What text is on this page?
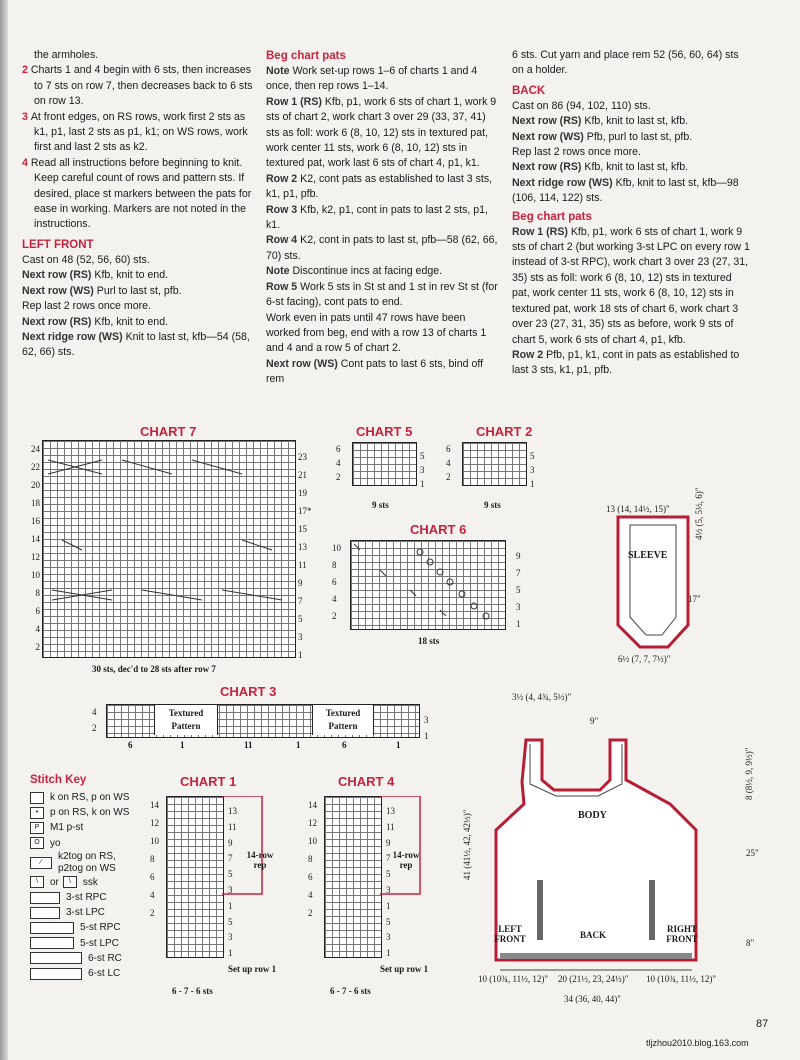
the armholes.

2 Charts 1 and 4 begin with 6 sts, then increases to 7 sts on row 7, then decreases back to 6 sts on row 13.

3 At front edges, on RS rows, work first 2 sts as k1, p1, last 2 sts as p1, k1; on WS rows, work first and last 2 sts as k2.

4 Read all instructions before beginning to knit. Keep careful count of rows and pattern sts. If desired, place st markers between the pats for ease in working. Markers are not noted in the instructions.

LEFT FRONT

Cast on 48 (52, 56, 60) sts.

Next row (RS) Kfb, knit to end.

Next row (WS) Purl to last st, pfb.

Rep last 2 rows once more.

Next row (RS) Kfb, knit to end.

Next ridge row (WS) Knit to last st, kfb—54 (58, 62, 66) sts.

Beg chart pats

Note Work set-up rows 1–6 of charts 1 and 4 once, then rep rows 1–14.

Row 1 (RS) Kfb, p1, work 6 sts of chart 1, work 9 sts of chart 2, work chart 3 over 29 (33, 37, 41) sts as foll: work 6 (8, 10, 12) sts in textured pat, work center 11 sts, work 6 (8, 10, 12) sts in textured pat, work last 6 sts of chart 4, p1, k1.

Row 2 K2, cont pats as established to last 3 sts, k1, p1, pfb.

Row 3 Kfb, k2, p1, cont in pats to last 2 sts, p1, k1.

Row 4 K2, cont in pats to last st, pfb—58 (62, 66, 70) sts.

Note Discontinue incs at facing edge.

Row 5 Work 5 sts in St st and 1 st in rev St st (for 6-st facing), cont pats to end.

Work even in pats until 47 rows have been worked from beg, end with a row 13 of charts 1 and 4 and a row 5 of chart 2.

Next row (WS) Cont pats to last 6 sts, bind off rem

6 sts. Cut yarn and place rem 52 (56, 60, 64) sts on a holder.

BACK

Cast on 86 (94, 102, 110) sts.

Next row (RS) Kfb, knit to last st, kfb.

Next row (WS) Pfb, purl to last st, pfb.

Rep last 2 rows once more.

Next row (RS) Kfb, knit to last st, kfb.

Next ridge row (WS) Kfb, knit to last st, kfb—98 (106, 114, 122) sts.

Beg chart pats

Row 1 (RS) Kfb, p1, work 6 sts of chart 1, work 9 sts of chart 2 (but working 3-st LPC on every row 1 instead of 3-st RPC), work chart 3 over 23 (27, 31, 35) sts as foll: work 6 (8, 10, 12) sts in textured pat, work center 11 sts, work 6 (8, 10, 12) sts in textured pat, work 18 sts of chart 6, work chart 3 over 23 (27, 31, 35) sts as before, work 9 sts of chart 5, work 6 sts of chart 4, p1, kfb.

Row 2 Pfb, p1, k1, cont in pats as established to last 3 sts, k1, p1, pfb.

CHART 7
24
22
20
18
16
14
12
10
8
6
4
2
23
21
19
17*
15
13
11
9
7
5
3
1
30 sts, dec'd to 28 sts after row 7
CHART 5
6
4
2
5
3
1
9 sts
CHART 2
6
4
2
5
3
1
9 sts
CHART 6
10
8
6
4
2
9
7
5
3
1
18 sts
CHART 3
Textured Pattern
Textured Pattern
4
2
3
1
6	1	11	1	6	1
CHART 1
14-row rep
14
12
10
8
6
4
2
13
11
9
7
5
3
1
5
3
1
Set up row 1
6 - 7 - 6 sts
CHART 4
14-row rep
14
12
10
8
6
4
2
13
11
9
7
5
3
1
5
3
1
Set up row 1
6 - 7 - 6 sts
Stitch Key
k on RS, p on WS
•	p on RS, k on WS
P	M1 p-st
O	yo
⁄
k2tog on RS, p2tog on WS
\	or	\	ssk
3-st RPC
3-st LPC
5-st RPC
5-st LPC
6-st RC
6-st LC
SLEEVE
13 (14, 14½, 15)"	4½ (5, 5½, 6)"
17"
6½ (7, 7, 7½)"
BODY
LEFT FRONT	BACK
RIGHT FRONT
3½ (4, 4¾, 5½)"
9"
8 (8½, 9, 9½)"
41 (41½, 42, 42½)"	25"
8"
10 (10¾, 11½, 12)" 20 (21½, 23, 24½)" 10 (10¾, 11½, 12)"
34 (36, 40, 44)"
87
tljzhou2010.blog.163.com
